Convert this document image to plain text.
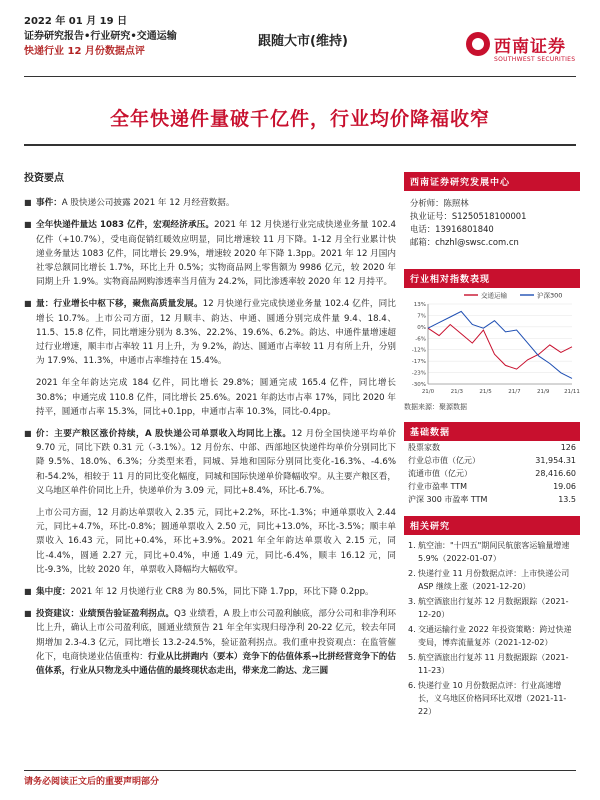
2022 年 01 月 19 日
证券研究报告•行业研究•交通运输
快递行业 12 月份数据点评
跟随大市(维持)	西南证券
SOUTHWEST SECURITIES
全年快递件量破千亿件，行业均价降福收窄
投资要点

■ 事件：A 股快递公司披露 2021 年 12 月经营数据。

■ 全年快递件量达 1083 亿件，宏观经济承压。2021 年 12 月快递行业完成快递业务量 102.4 亿件（+10.7%），受电商促销红暖效应明显，同比增速较 11 月下降。1-12 月全行业累计快递业务量达 1083 亿件，同比增长 29.9%，增速较 2020 年下降 1.3pp。2021 年 12 月国内社零总额同比增长 1.7%，环比上升 0.5%；实物商品网上零售额为 9986 亿元，较 2020 年同期上升 1.9%。实物商品网购渗透率当月值为 24.2%，同比渗透率较 2020 年 12 月持平。

■ 量：行业增长中枢下移，聚焦高质量发展。12 月快递行业完成快递业务量 102.4 亿件，同比增长 10.7%。上市公司方面，12 月顺丰、韵达、申通、圆通分别完成件量 9.4、18.4、11.5、15.8 亿件，同比增速分别为 8.3%、22.2%、19.6%、6.2%。韵达、申通件量增速超过行业增速，顺丰市占率较 11 月上升，为 9.2%，韵达、圆通市占率较 11 月有所上升，分别为 17.9%、11.3%，申通市占率维持在 15.4%。

2021 年全年韵达完成 184 亿件，同比增长 29.8%；圆通完成 165.4 亿件，同比增长 30.8%；申通完成 110.8 亿件，同比增长 25.6%。2021 年韵达市占率 17%，同比 2020 年持平，圆通市占率 15.3%，同比+0.1pp，申通市占率 10.3%，同比-0.4pp。

■ 价：主要产粮区涨价持续，A 股快递公司单票收入均同比上涨。12 月份全国快递平均单价 9.70 元，同比下跌 0.31 元（-3.1%）。12 月份东、中部、西部地区快递件均单价分别同比下降 9.5%、18.0%、6.3%；分类型来看，同城、异地和国际分别同比变化-16.3%、-4.6%和-54.2%，相较于 11 月的同比变化幅度，同城和国际快递单价降幅收窄。从主要产粮区看，义乌地区单件价同比上升，快递单价为 3.09 元，同比+8.4%，环比-6.7%。

上市公司方面，12 月韵达单票收入 2.35 元，同比+2.2%，环比-1.3%；申通单票收入 2.44 元，同比+4.7%，环比-0.8%；圆通单票收入 2.50 元，同比+13.0%，环比-3.5%；顺丰单票收入 16.43 元，同比+0.4%，环比+3.9%。2021 年全年韵达单票收入 2.15 元，同比-4.4%，圆通 2.27 元，同比+0.4%，申通 1.49 元，同比-6.4%，顺丰 16.12 元，同比-9.3%，比较 2020 年，单票收入降幅均大幅收窄。

■ 集中度：2021 年 12 月快递行业 CR8 为 80.5%，同比下降 1.7pp，环比下降 0.2pp。

■ 投资建议：业绩预告验证盈利拐点。Q3 业绩看，A 股上市公司盈利触底，部分公司和非净利环比上升，确认上市公司盈利底，圆通业绩预告 21 年全年实现归母净利 20-22 亿元，较去年同期增加 2.3-4.3 亿元，同比增长 13.2-24.5%，验证盈利拐点。我们重申投资观点：在监管催化下，电商快递业估值重构：行业从比拼跑内（要本）竞争下的估值体系→比拼经营竞争下的估值体系，行业从只物龙头中通估值的最终现状态走出，带来龙二韵达、龙三圆

西南证券研究发展中心
分析师：陈照林
执业证号：S1250518100001
电话：13916801840
邮箱：chzhl@swsc.com.cn
行业相对指数表现
交通运输	沪深300
13%
7%
0%
-6%
-12%
-17%
-23%
-30%
21/0	21/3	21/5	21/7	21/9	21/11
数据来源：聚源数据
基础数据
股票家数	126
行业总市值（亿元）	31,954.31
流通市值（亿元）	28,416.60
行业市盈率 TTM	19.06
沪深 300 市盈率 TTM	13.5
相关研究
1. 航空油："十四五"期间民航旅客运输量增速 5.9%（2022-01-07）
2. 快递行业 11 月份数据点评：上市快递公司 ASP 继续上涨（2021-12-20）
3. 航空酒旅出行复苏 12 月数据跟踪（2021-12-20）
4. 交通运输行业 2022 年投资策略：跨过快递变局，博弈流量复苏（2021-12-02）
5. 航空酒旅出行复苏 11 月数据跟踪（2021-11-23）
6. 快递行业 10 月份数据点评：行业高速增长，义乌地区价格同环比双增（2021-11-22）
请务必阅读正文后的重要声明部分
